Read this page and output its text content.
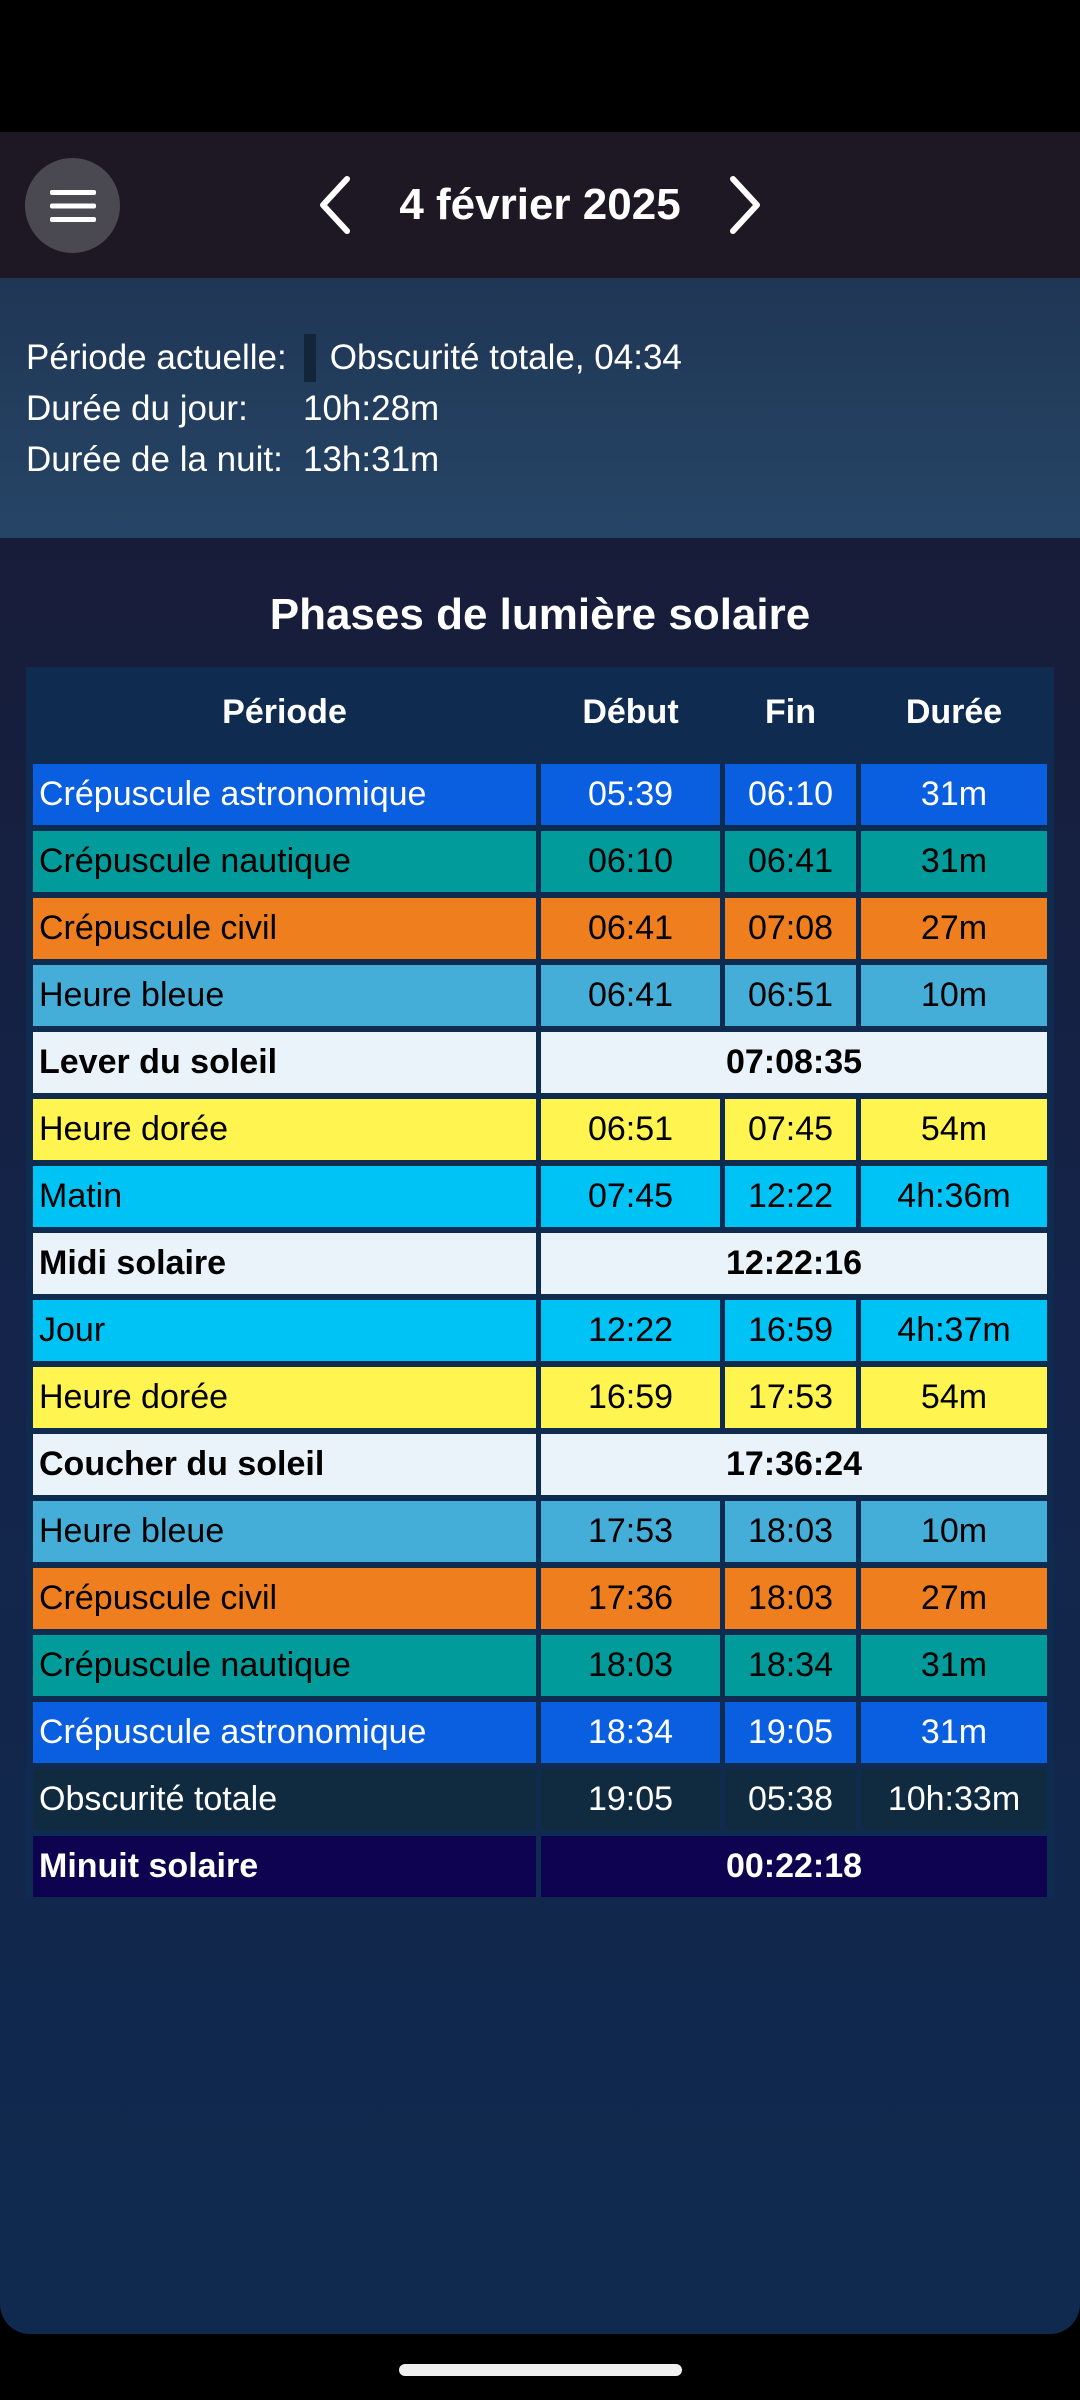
4 février 2025
Période actuelle: Obscurité totale, 04:34
Durée du jour:	10h:28m
Durée de la nuit: 13h:31m
Phases de lumière solaire
Période	Début	Fin	Durée
Crépuscule astronomique	05:39	06:10	31m
Crépuscule nautique	06:10	06:41	31m
Crépuscule civil	06:41	07:08	27m
Heure bleue	06:41	06:51	10m
Lever du soleil	07:08:35
Heure dorée	06:51	07:45	54m
Matin	07:45	12:22	4h:36m
Midi solaire	12:22:16
Jour	12:22	16:59	4h:37m
Heure dorée	16:59	17:53	54m
Coucher du soleil	17:36:24
Heure bleue	17:53	18:03	10m
Crépuscule civil	17:36	18:03	27m
Crépuscule nautique	18:03	18:34	31m
Crépuscule astronomique	18:34	19:05	31m
Obscurité totale	19:05	05:38	10h:33m
Minuit solaire	00:22:18
